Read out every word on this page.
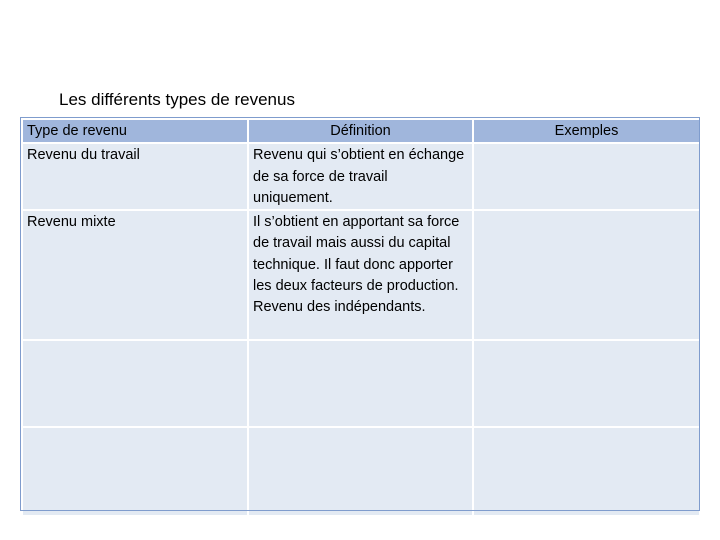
Les différents types de revenus
Type de revenu	Définition	Exemples
Revenu du travail	Revenu qui s’obtient en échange de sa force de travail uniquement.	
Revenu mixte	Il s’obtient en apportant sa force de travail mais aussi du capital technique. Il faut donc apporter les deux facteurs de production. Revenu des indépendants.	
